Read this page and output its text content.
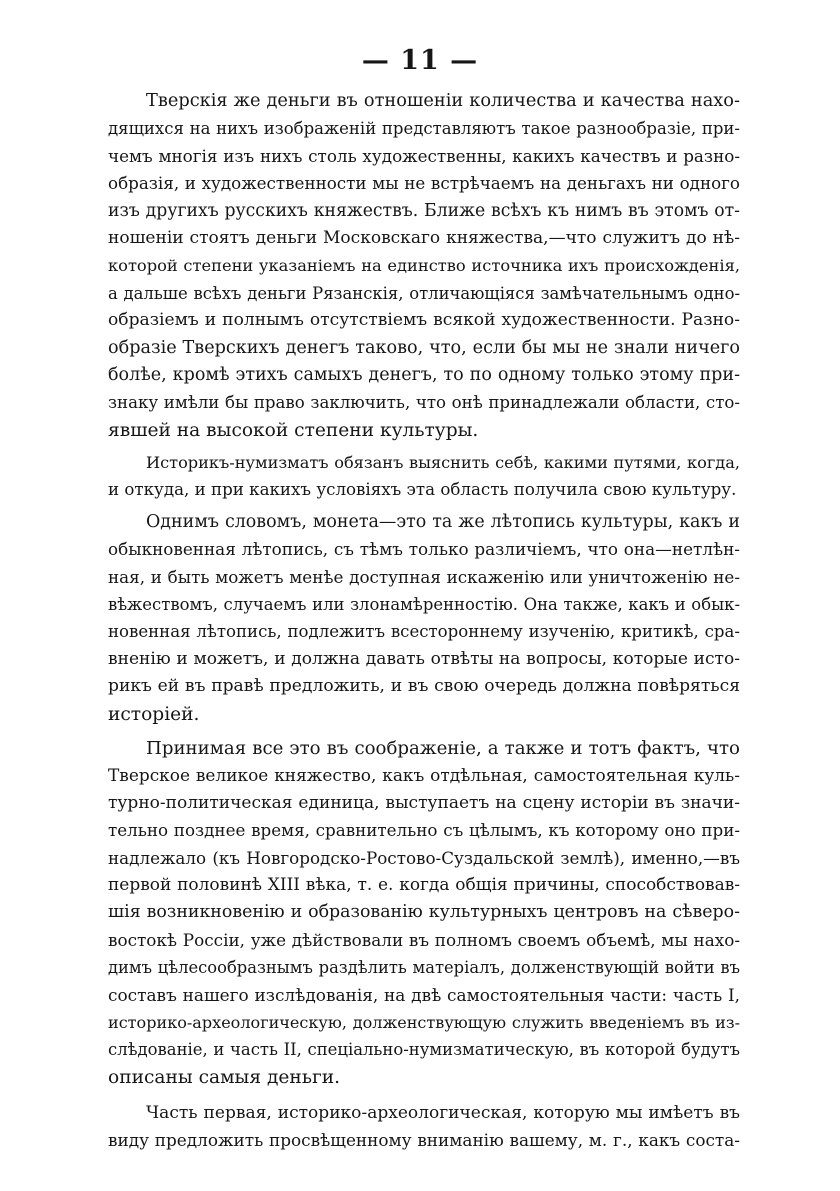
— 11 —
Тверскія же деньги въ отношеніи количества и качества нахо-
дящихся на нихъ изображеній представляютъ такое разнообразіе, при-
чемъ многія изъ нихъ столь художественны, какихъ качествъ и разно-
образія, и художественности мы не встрѣчаемъ на деньгахъ ни одного
изъ другихъ русскихъ княжествъ. Ближе всѣхъ къ нимъ въ этомъ от-
ношеніи стоятъ деньги Московскаго княжества,—что служитъ до нѣ-
которой степени указаніемъ на единство источника ихъ происхожденія,
а дальше всѣхъ деньги Рязанскія, отличающіяся замѣчательнымъ одно-
образіемъ и полнымъ отсутствіемъ всякой художественности. Разно-
образіе Тверскихъ денегъ таково, что, если бы мы не знали ничего
болѣе, кромѣ этихъ самыхъ денегъ, то по одному только этому при-
знаку имѣли бы право заключить, что онѣ принадлежали области, сто-
явшей на высокой степени культуры.
Историкъ-нумизматъ обязанъ выяснить себѣ, какими путями, когда,
и откуда, и при какихъ условіяхъ эта область получила свою культуру.
Однимъ словомъ, монета—это та же лѣтопись культуры, какъ и
обыкновенная лѣтопись, съ тѣмъ только различіемъ, что она—нетлѣн-
ная, и быть можетъ менѣе доступная искаженію или уничтоженію не-
вѣжествомъ, случаемъ или злонамѣренностію. Она также, какъ и обык-
новенная лѣтопись, подлежитъ всестороннему изученію, критикѣ, сра-
вненію и можетъ, и должна давать отвѣты на вопросы, которые исто-
рикъ ей въ правѣ предложить, и въ свою очередь должна повѣряться
исторіей.
Принимая все это въ соображеніе, а также и тотъ фактъ, что
Тверское великое княжество, какъ отдѣльная, самостоятельная куль-
турно-политическая единица, выступаетъ на сцену исторіи въ значи-
тельно позднее время, сравнительно съ цѣлымъ, къ которому оно при-
надлежало (къ Новгородско-Ростово-Суздальской землѣ), именно,—въ
первой половинѣ XIII вѣка, т. е. когда общія причины, способствовав-
шія возникновенію и образованію культурныхъ центровъ на сѣверо-
востокѣ Россіи, уже дѣйствовали въ полномъ своемъ объемѣ, мы нахо-
димъ цѣлесообразнымъ раздѣлить матеріалъ, долженствующій войти въ
составъ нашего изслѣдованія, на двѣ самостоятельныя части: часть I,
историко-археологическую, долженствующую служить введеніемъ въ из-
слѣдованіе, и часть II, спеціально-нумизматическую, въ которой будутъ
описаны самыя деньги.
Часть первая, историко-археологическая, которую мы имѣетъ въ
виду предложить просвѣщенному вниманію вашему, м. г., какъ соста-
